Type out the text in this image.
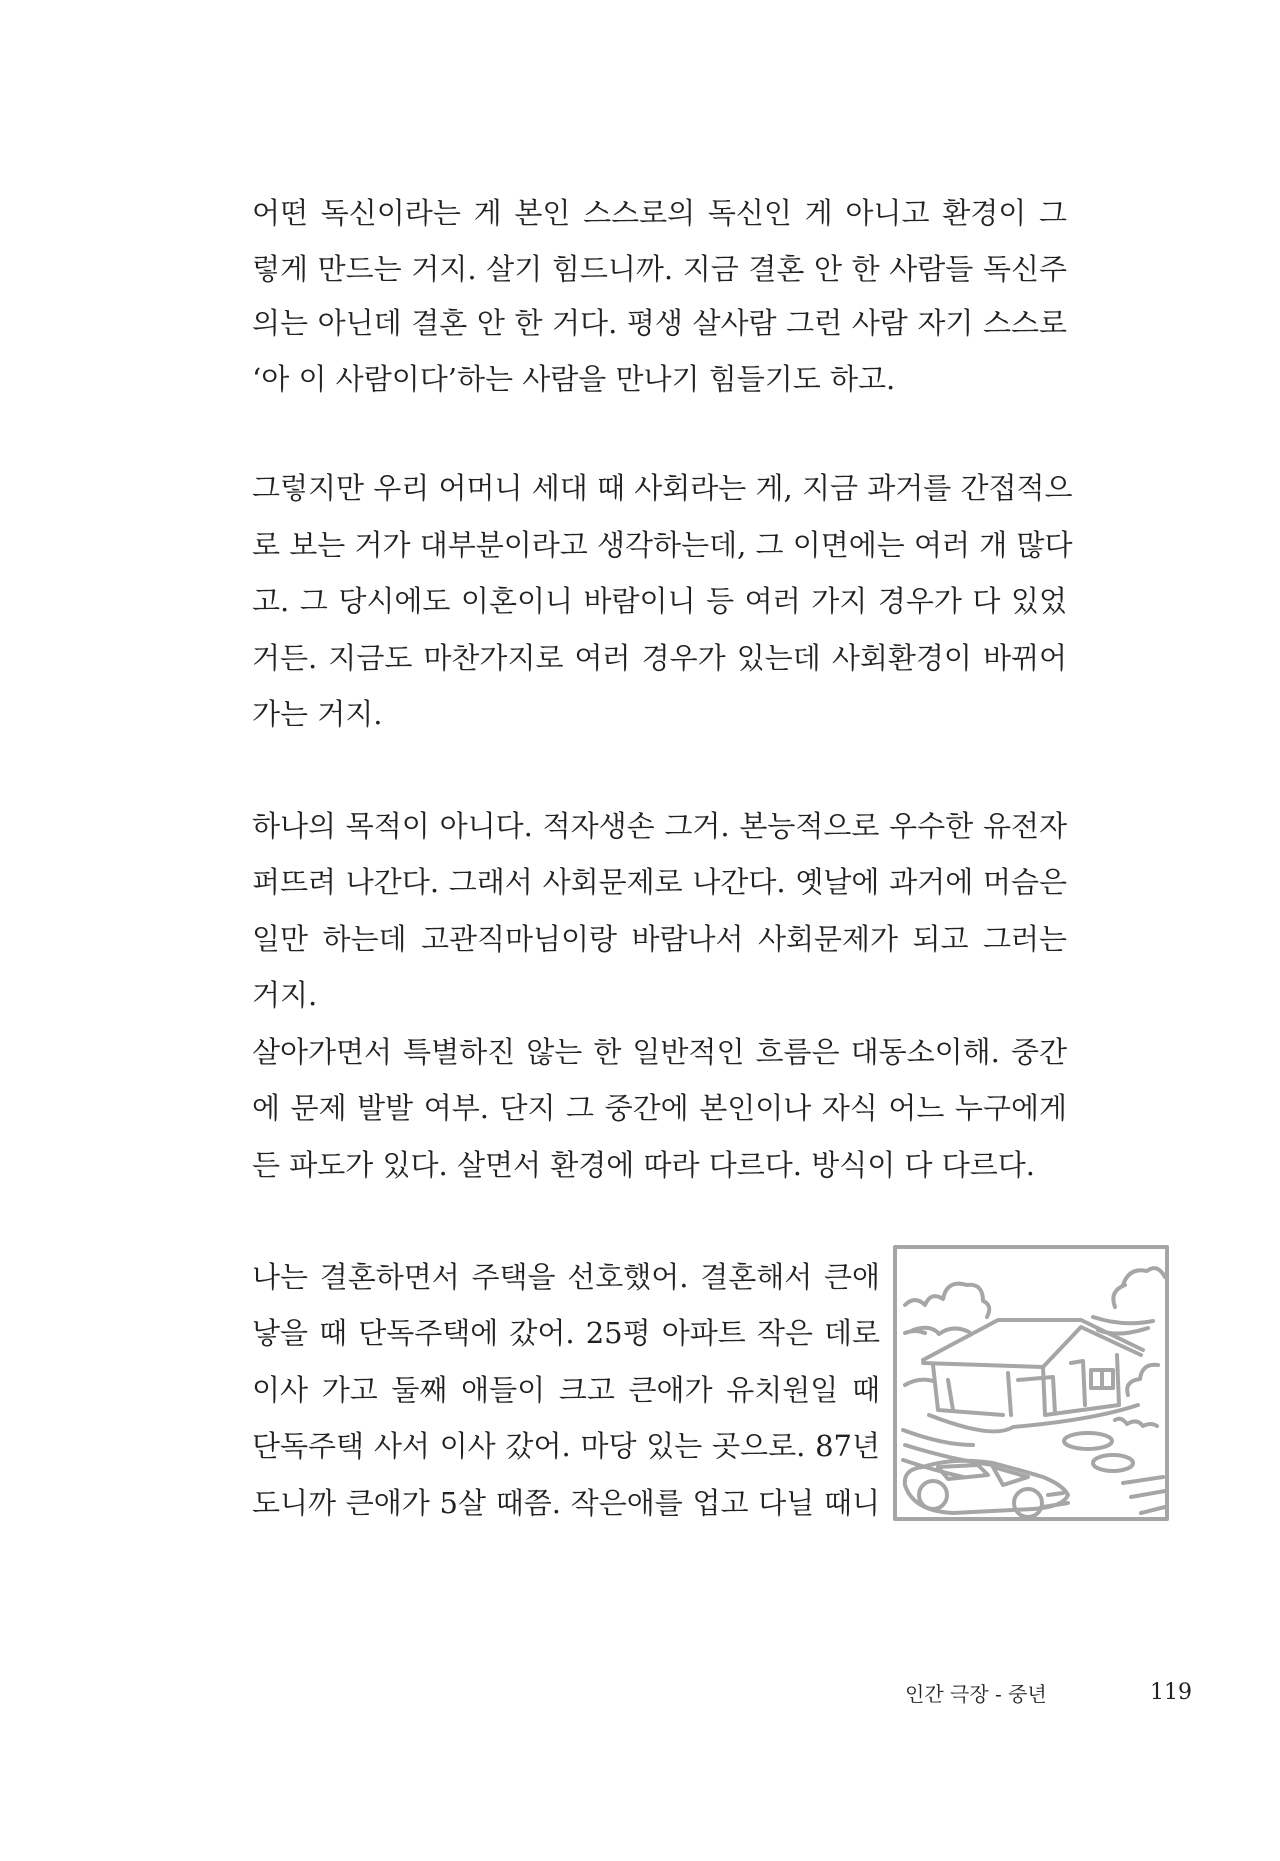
어떤 독신이라는 게 본인 스스로의 독신인 게 아니고 환경이 그
렇게 만드는 거지. 살기 힘드니까. 지금 결혼 안 한 사람들 독신주
의는 아닌데 결혼 안 한 거다. 평생 살사람 그런 사람 자기 스스로
‘아 이 사람이다’하는 사람을 만나기 힘들기도 하고.
그렇지만 우리 어머니 세대 때 사회라는 게, 지금 과거를 간접적으
로 보는 거가 대부분이라고 생각하는데, 그 이면에는 여러 개 많다
고. 그 당시에도 이혼이니 바람이니 등 여러 가지 경우가 다 있었
거든. 지금도 마찬가지로 여러 경우가 있는데 사회환경이 바뀌어
가는 거지.
하나의 목적이 아니다. 적자생손 그거. 본능적으로 우수한 유전자
퍼뜨려 나간다. 그래서 사회문제로 나간다. 옛날에 과거에 머슴은
일만 하는데 고관직마님이랑 바람나서 사회문제가 되고 그러는
거지.
살아가면서 특별하진 않는 한 일반적인 흐름은 대동소이해. 중간
에 문제 발발 여부. 단지 그 중간에 본인이나 자식 어느 누구에게
든 파도가 있다. 살면서 환경에 따라 다르다. 방식이 다 다르다.
나는 결혼하면서 주택을 선호했어. 결혼해서 큰애
낳을 때 단독주택에 갔어. 25평 아파트 작은 데로
이사 가고 둘째 애들이 크고 큰애가 유치원일 때
단독주택 사서 이사 갔어. 마당 있는 곳으로. 87년
도니까 큰애가 5살 때쯤. 작은애를 업고 다닐 때니
인간 극장 - 중년	119
